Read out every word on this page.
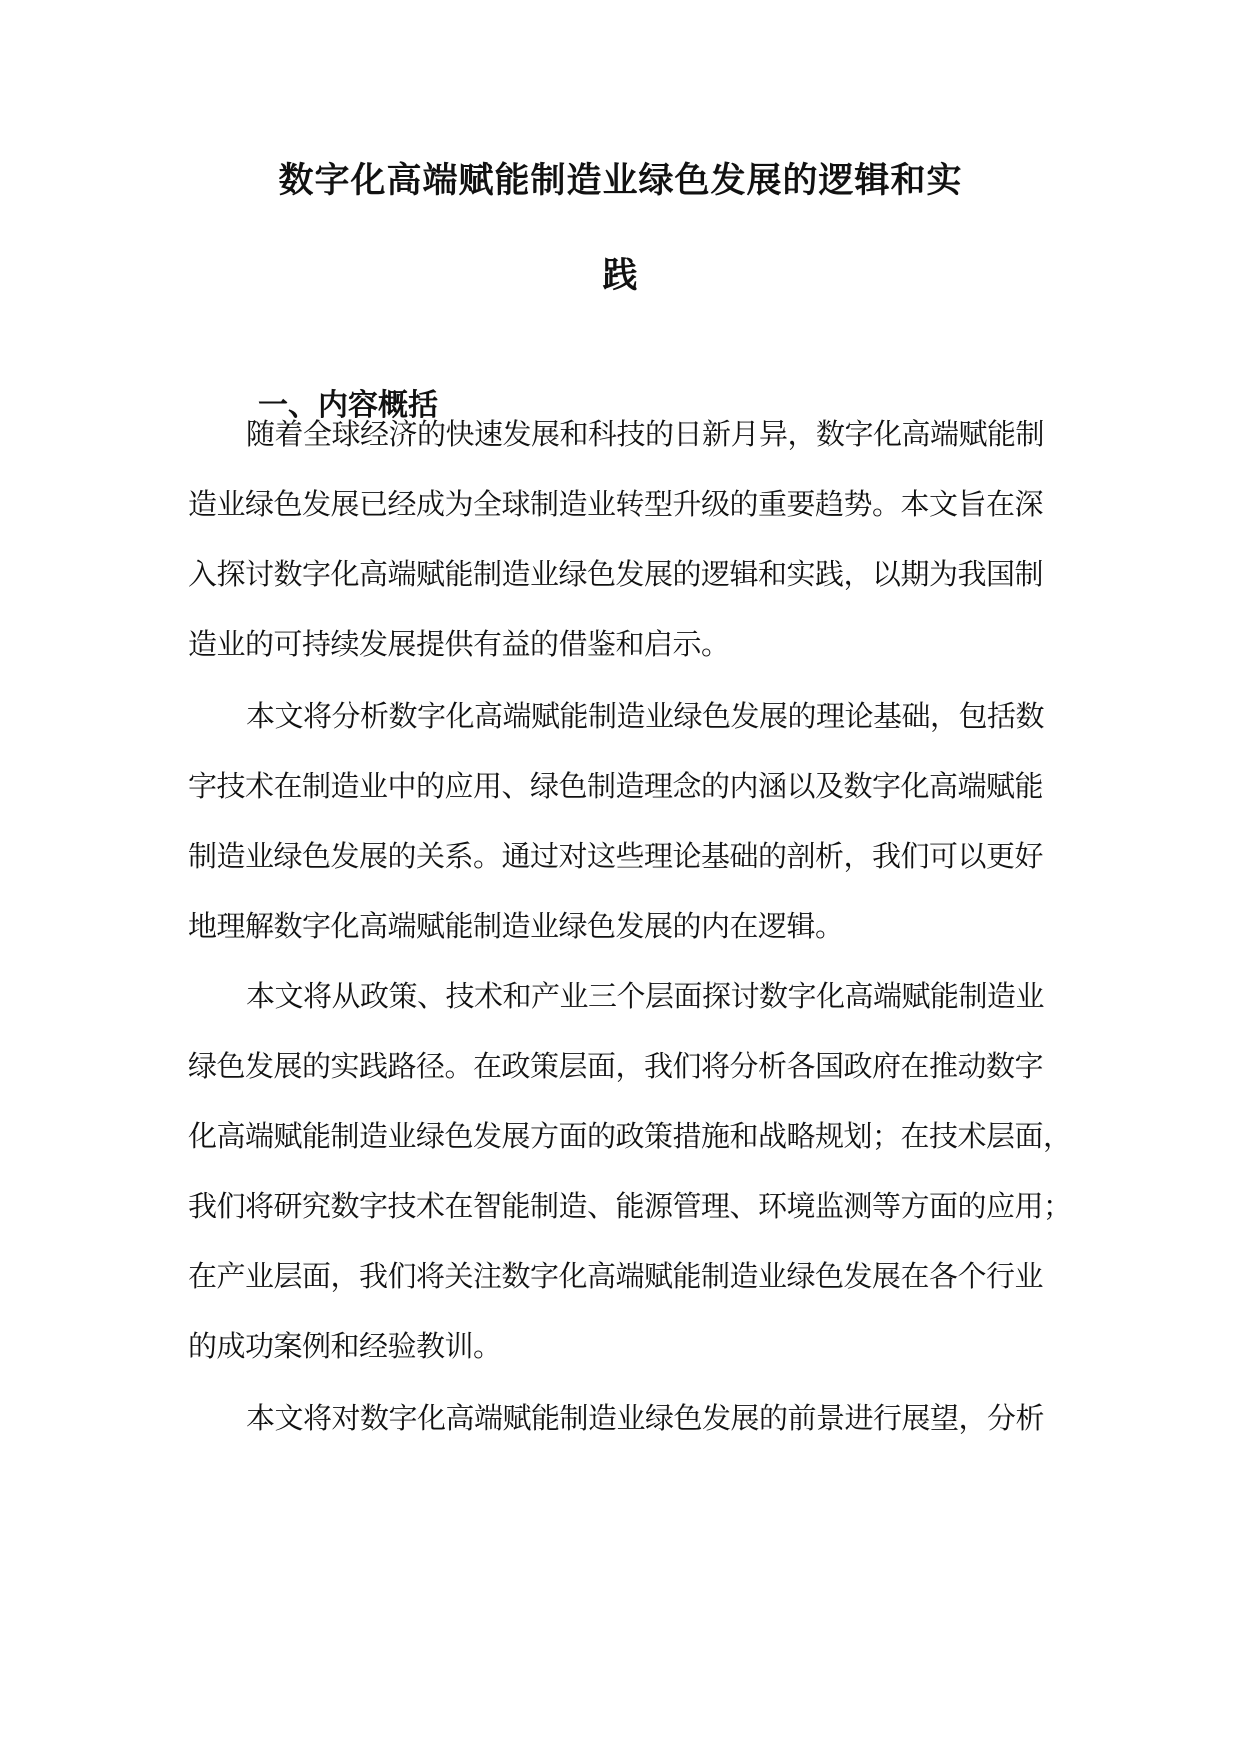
数字化高端赋能制造业绿色发展的逻辑和实
践
一、内容概括

随着全球经济的快速发展和科技的日新月异，数字化高端赋能制

造业绿色发展已经成为全球制造业转型升级的重要趋势。本文旨在深

入探讨数字化高端赋能制造业绿色发展的逻辑和实践，以期为我国制

造业的可持续发展提供有益的借鉴和启示。

本文将分析数字化高端赋能制造业绿色发展的理论基础，包括数

字技术在制造业中的应用、绿色制造理念的内涵以及数字化高端赋能

制造业绿色发展的关系。通过对这些理论基础的剖析，我们可以更好

地理解数字化高端赋能制造业绿色发展的内在逻辑。

本文将从政策、技术和产业三个层面探讨数字化高端赋能制造业

绿色发展的实践路径。在政策层面，我们将分析各国政府在推动数字

化高端赋能制造业绿色发展方面的政策措施和战略规划；在技术层面，

我们将研究数字技术在智能制造、能源管理、环境监测等方面的应用；

在产业层面，我们将关注数字化高端赋能制造业绿色发展在各个行业

的成功案例和经验教训。

本文将对数字化高端赋能制造业绿色发展的前景进行展望，分析
